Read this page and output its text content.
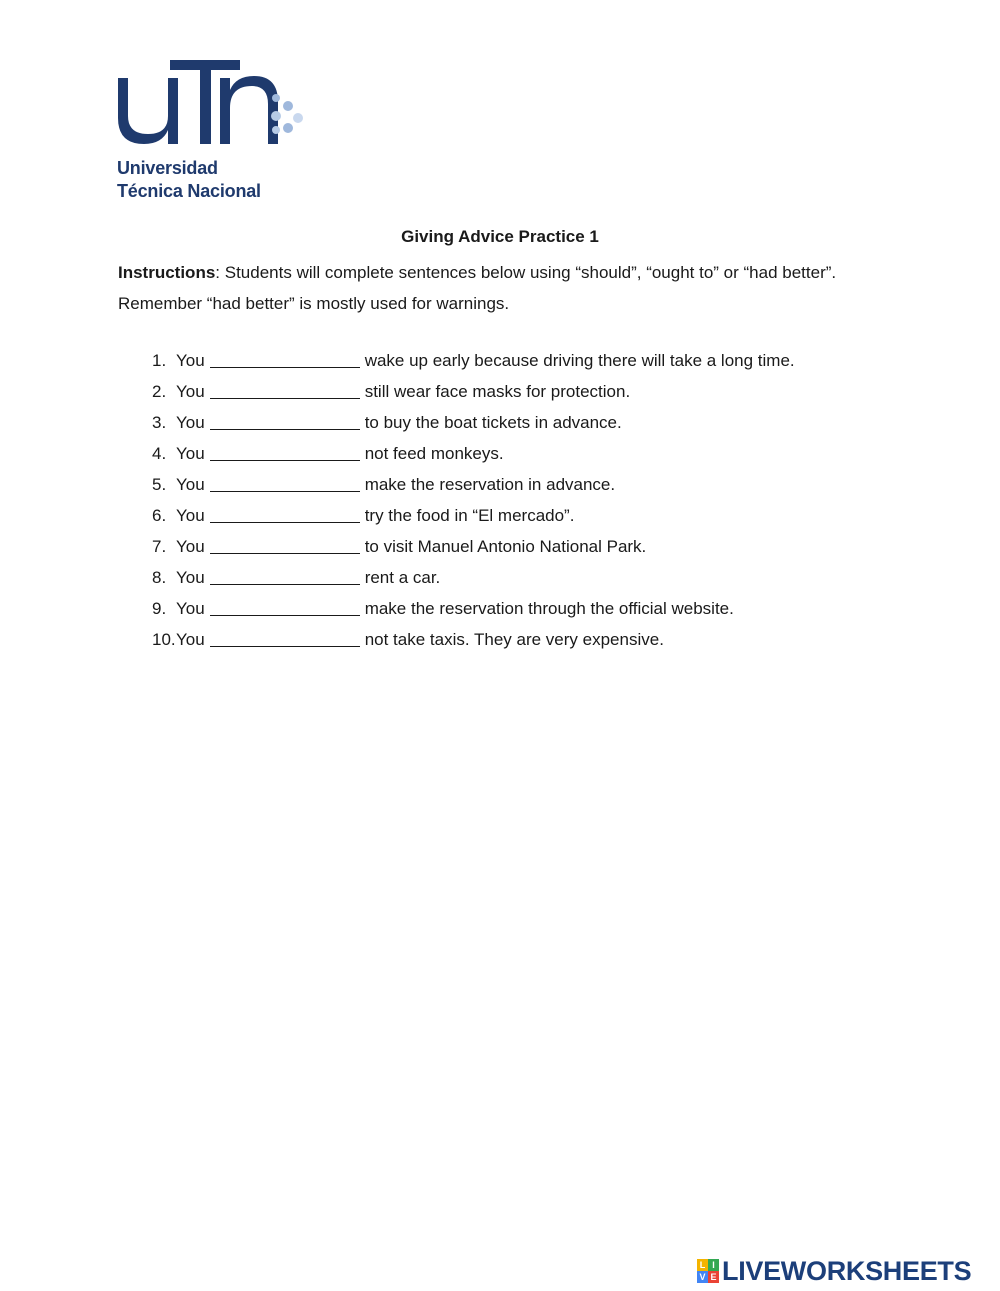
Universidad
Técnica Nacional
Giving Advice Practice 1
Instructions: Students will complete sentences below using “should”, “ought to” or “had better”.
Remember “had better” is mostly used for warnings.
1. You	wake up early because driving there will take a long time.
2. You	still wear face masks for protection.
3. You	to buy the boat tickets in advance.
4. You	not feed monkeys.
5. You	make the reservation in advance.
6. You	try the food in “El mercado”.
7. You	to visit Manuel Antonio National Park.
8. You	rent a car.
9. You	make the reservation through the official website.
10.You	not take taxis. They are very expensive.
L I
V E LIVEWORKSHEETS
